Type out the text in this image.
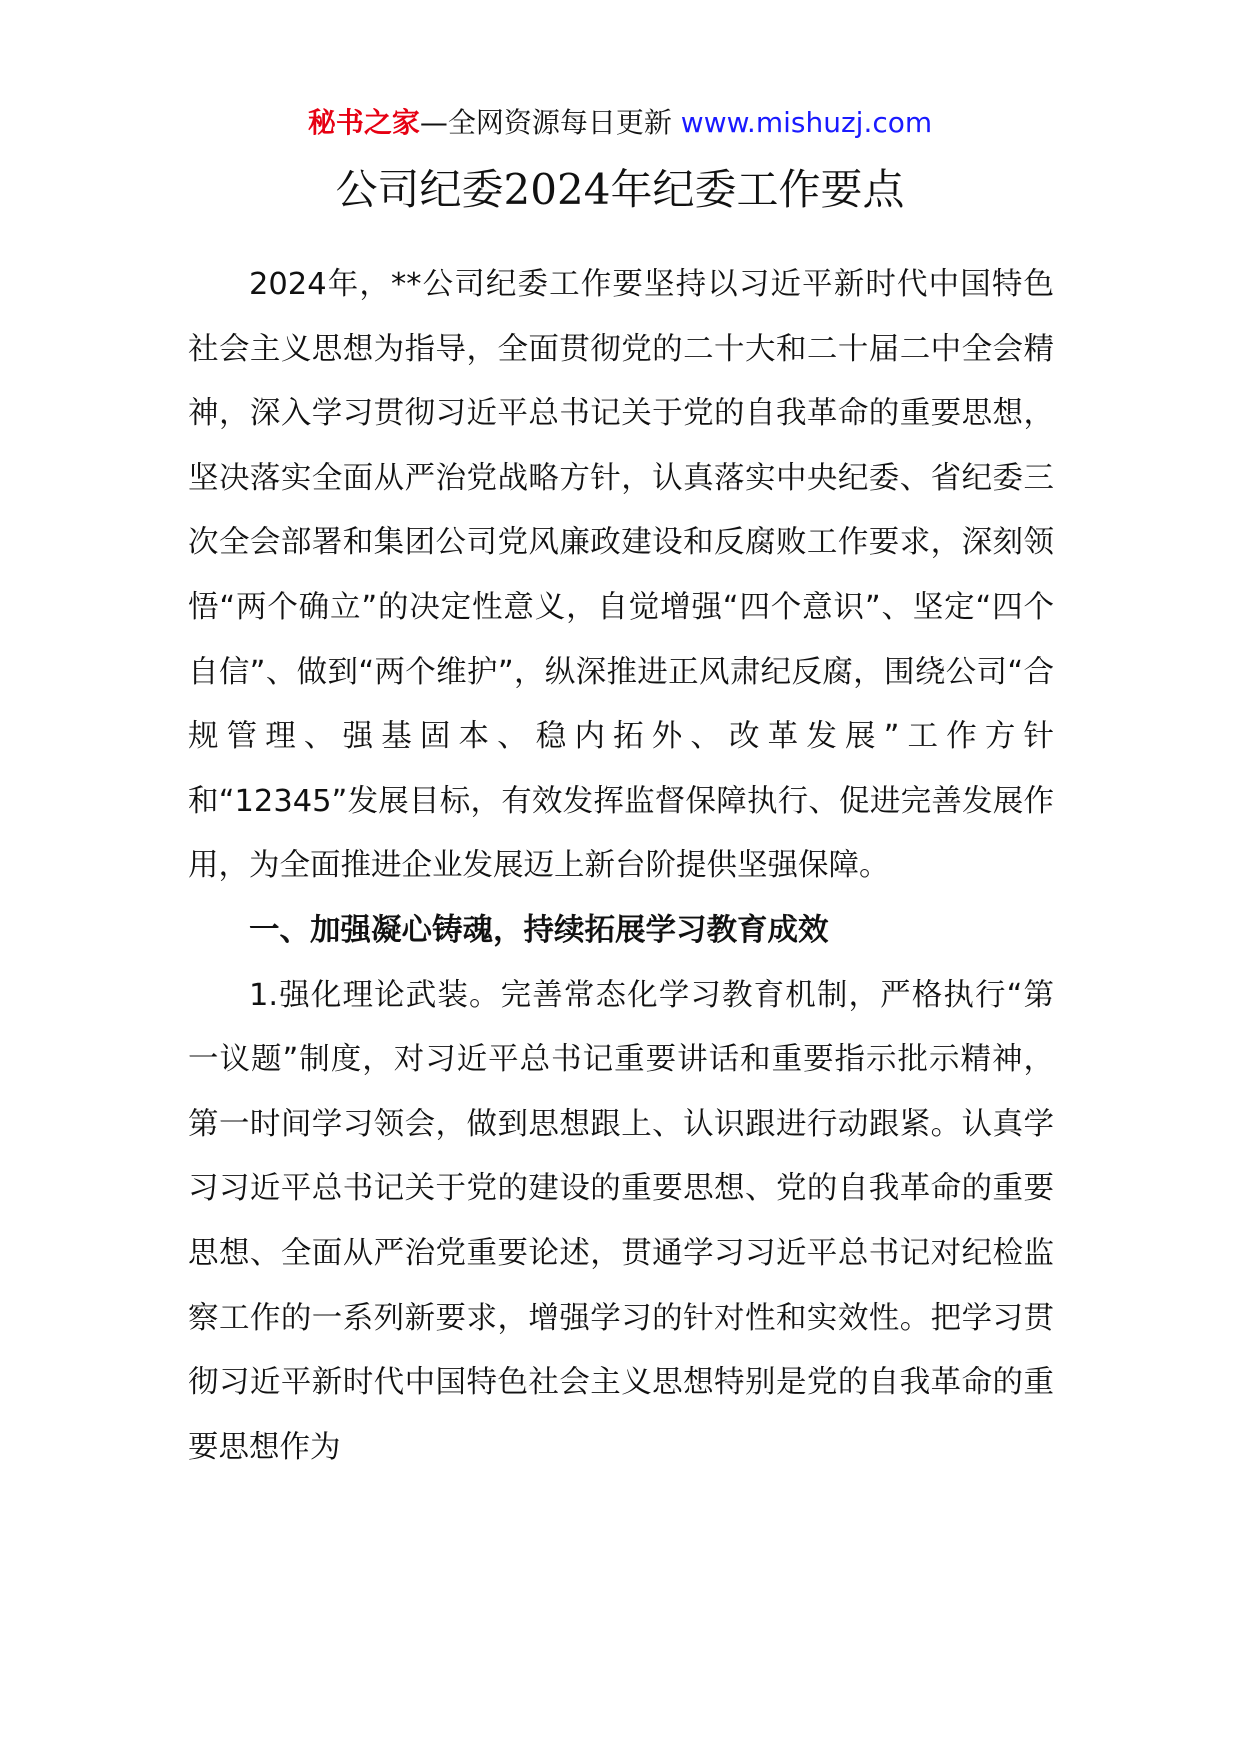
秘书之家—全网资源每日更新 www.mishuzj.com
公司纪委2024年纪委工作要点

2024年，**公司纪委工作要坚持以习近平新时代中国特色社会主义思想为指导，全面贯彻党的二十大和二十届二中全会精神，深入学习贯彻习近平总书记关于党的自我革命的重要思想，坚决落实全面从严治党战略方针，认真落实中央纪委、省纪委三次全会部署和集团公司党风廉政建设和反腐败工作要求，深刻领悟“两个确立”的决定性意义，自觉增强“四个意识”、坚定“四个自信”、做到“两个维护”，纵深推进正风肃纪反腐，围绕公司“合规管理、强基固本、稳内拓外、改革发展”工作方针和“12345”发展目标，有效发挥监督保障执行、促进完善发展作用，为全面推进企业发展迈上新台阶提供坚强保障。

一、加强凝心铸魂，持续拓展学习教育成效

1.强化理论武装。完善常态化学习教育机制，严格执行“第一议题”制度，对习近平总书记重要讲话和重要指示批示精神，第一时间学习领会，做到思想跟上、认识跟进行动跟紧。认真学习习近平总书记关于党的建设的重要思想、党的自我革命的重要思想、全面从严治党重要论述，贯通学习习近平总书记对纪检监察工作的一系列新要求，增强学习的针对性和实效性。把学习贯彻习近平新时代中国特色社会主义思想特别是党的自我革命的重要思想作为
